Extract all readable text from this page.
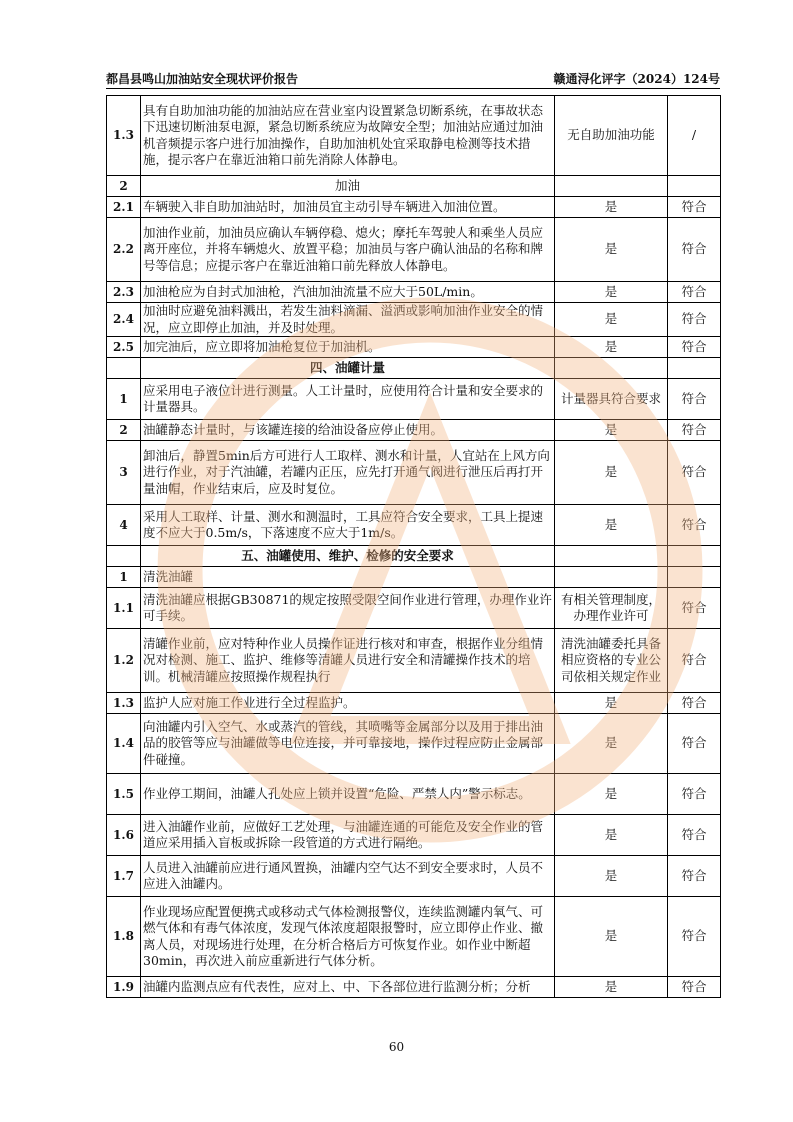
都昌县鸣山加油站安全现状评价报告	赣通浔化评字（2024）124号
1.3	具有自助加油功能的加油站应在营业室内设置紧急切断系统，在事故状态下迅速切断油泵电源，紧急切断系统应为故障安全型；加油站应通过加油机音频提示客户进行加油操作，自助加油机处宜采取静电检测等技术措施，提示客户在靠近油箱口前先消除人体静电。	无自助加油功能	/
2	加油		
2.1	车辆驶入非自助加油站时，加油员宜主动引导车辆进入加油位置。	是	符合
2.2	加油作业前，加油员应确认车辆停稳、熄火；摩托车驾驶人和乘坐人员应离开座位，并将车辆熄火、放置平稳；加油员与客户确认油品的名称和牌号等信息；应提示客户在靠近油箱口前先释放人体静电。	是	符合
2.3	加油枪应为自封式加油枪，汽油加油流量不应大于50L/min。	是	符合
2.4	加油时应避免油料溅出，若发生油料滴漏、溢洒或影响加油作业安全的情况，应立即停止加油，并及时处理。	是	符合
2.5	加完油后，应立即将加油枪复位于加油机。	是	符合
	四、油罐计量		
1	应采用电子液位计进行测量。人工计量时，应使用符合计量和安全要求的计量器具。	计量器具符合要求	符合
2	油罐静态计量时，与该罐连接的给油设备应停止使用。	是	符合
3	卸油后，静置5min后方可进行人工取样、测水和计量，人宜站在上风方向进行作业，对于汽油罐，若罐内正压，应先打开通气阀进行泄压后再打开量油帽，作业结束后，应及时复位。	是	符合
4	采用人工取样、计量、测水和测温时，工具应符合安全要求，工具上提速度不应大于0.5m/s，下落速度不应大于1m/s。	是	符合
	五、油罐使用、维护、检修的安全要求		
1	清洗油罐		
1.1	清洗油罐应根据GB30871的规定按照受限空间作业进行管理，办理作业许可手续。	有相关管理制度，办理作业许可	符合
1.2	清罐作业前，应对特种作业人员操作证进行核对和审查，根据作业分组情况对检测、施工、监护、维修等清罐人员进行安全和清罐操作技术的培训。机械清罐应按照操作规程执行	清洗油罐委托具备相应资格的专业公司依相关规定作业	符合
1.3	监护人应对施工作业进行全过程监护。	是	符合
1.4	向油罐内引入空气、水或蒸汽的管线，其喷嘴等金属部分以及用于排出油品的胶管等应与油罐做等电位连接，并可靠接地，操作过程应防止金属部件碰撞。	是	符合
1.5	作业停工期间，油罐人孔处应上锁并设置“危险、严禁人内”警示标志。	是	符合
1.6	进入油罐作业前，应做好工艺处理，与油罐连通的可能危及安全作业的管道应采用插入盲板或拆除一段管道的方式进行隔绝。	是	符合
1.7	人员进入油罐前应进行通风置换，油罐内空气达不到安全要求时，人员不应进入油罐内。	是	符合
1.8	作业现场应配置便携式或移动式气体检测报警仪，连续监测罐内氧气、可燃气体和有毒气体浓度，发现气体浓度超限报警时，应立即停止作业、撤离人员，对现场进行处理，在分析合格后方可恢复作业。如作业中断超30min，再次进入前应重新进行气体分析。	是	符合
1.9	油罐内监测点应有代表性，应对上、中、下各部位进行监测分析；分析	是	符合
60
